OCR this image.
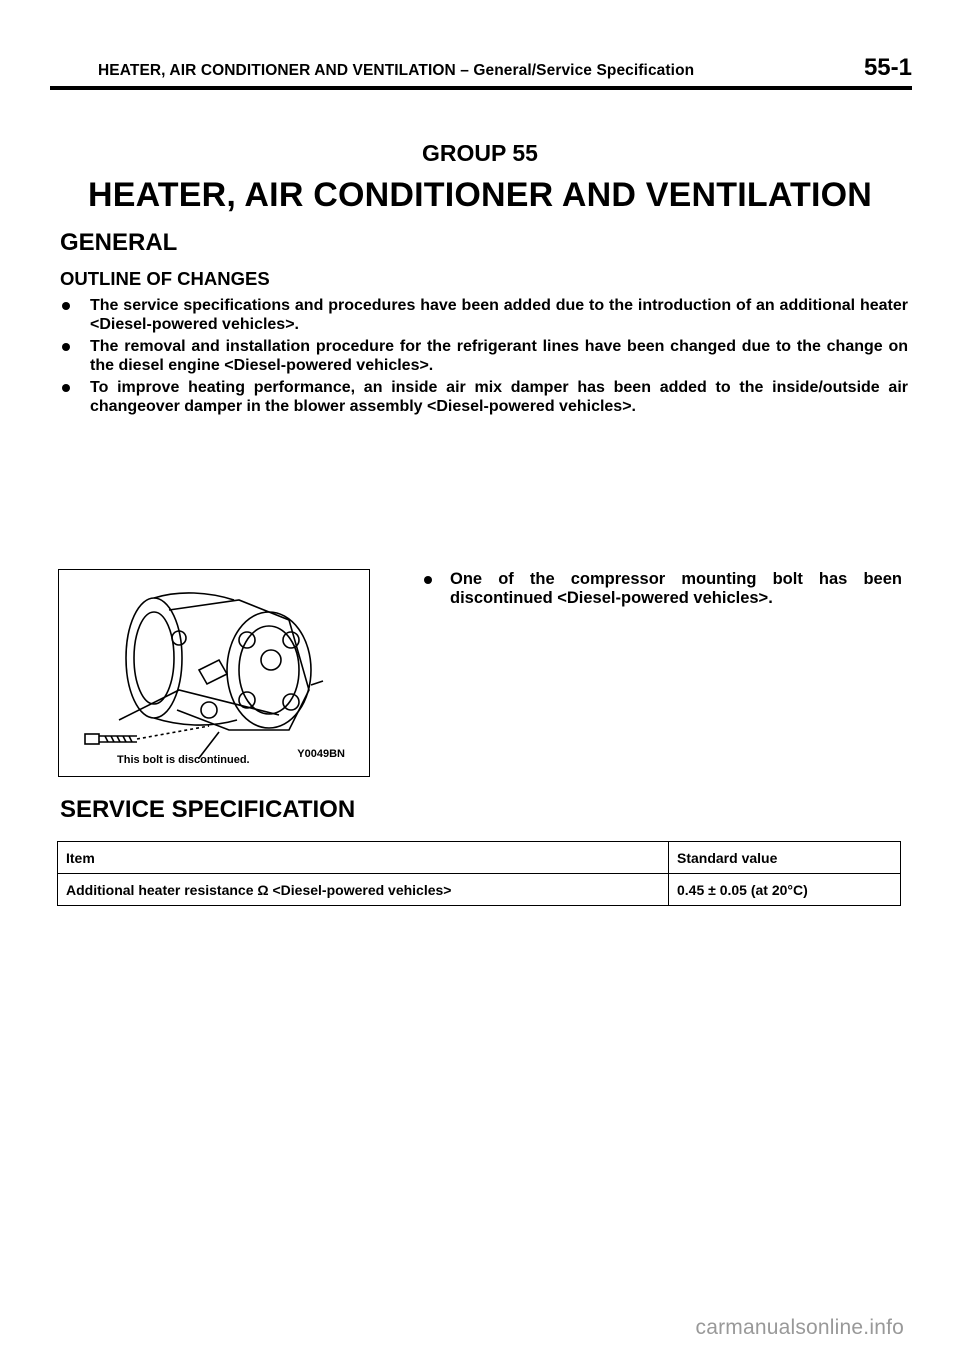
HEATER, AIR CONDITIONER AND VENTILATION – General/Service Specification	55-1
GROUP 55
HEATER, AIR CONDITIONER AND VENTILATION
GENERAL
OUTLINE OF CHANGES
The service specifications and procedures have been added due to the introduction of an additional heater <Diesel-powered vehicles>.
The removal and installation procedure for the refrigerant lines have been changed due to the change on the diesel engine <Diesel-powered vehicles>.
To improve heating performance, an inside air mix damper has been added to the inside/outside air changeover damper in the blower assembly <Diesel-powered vehicles>.
This bolt is discontinued.	Y0049BN
One of the compressor mounting bolt has been discontinued <Diesel-powered vehicles>.
SERVICE SPECIFICATION
Item	Standard value
Additional heater resistance Ω <Diesel-powered vehicles>	0.45 ± 0.05 (at 20°C)
carmanualsonline.info
